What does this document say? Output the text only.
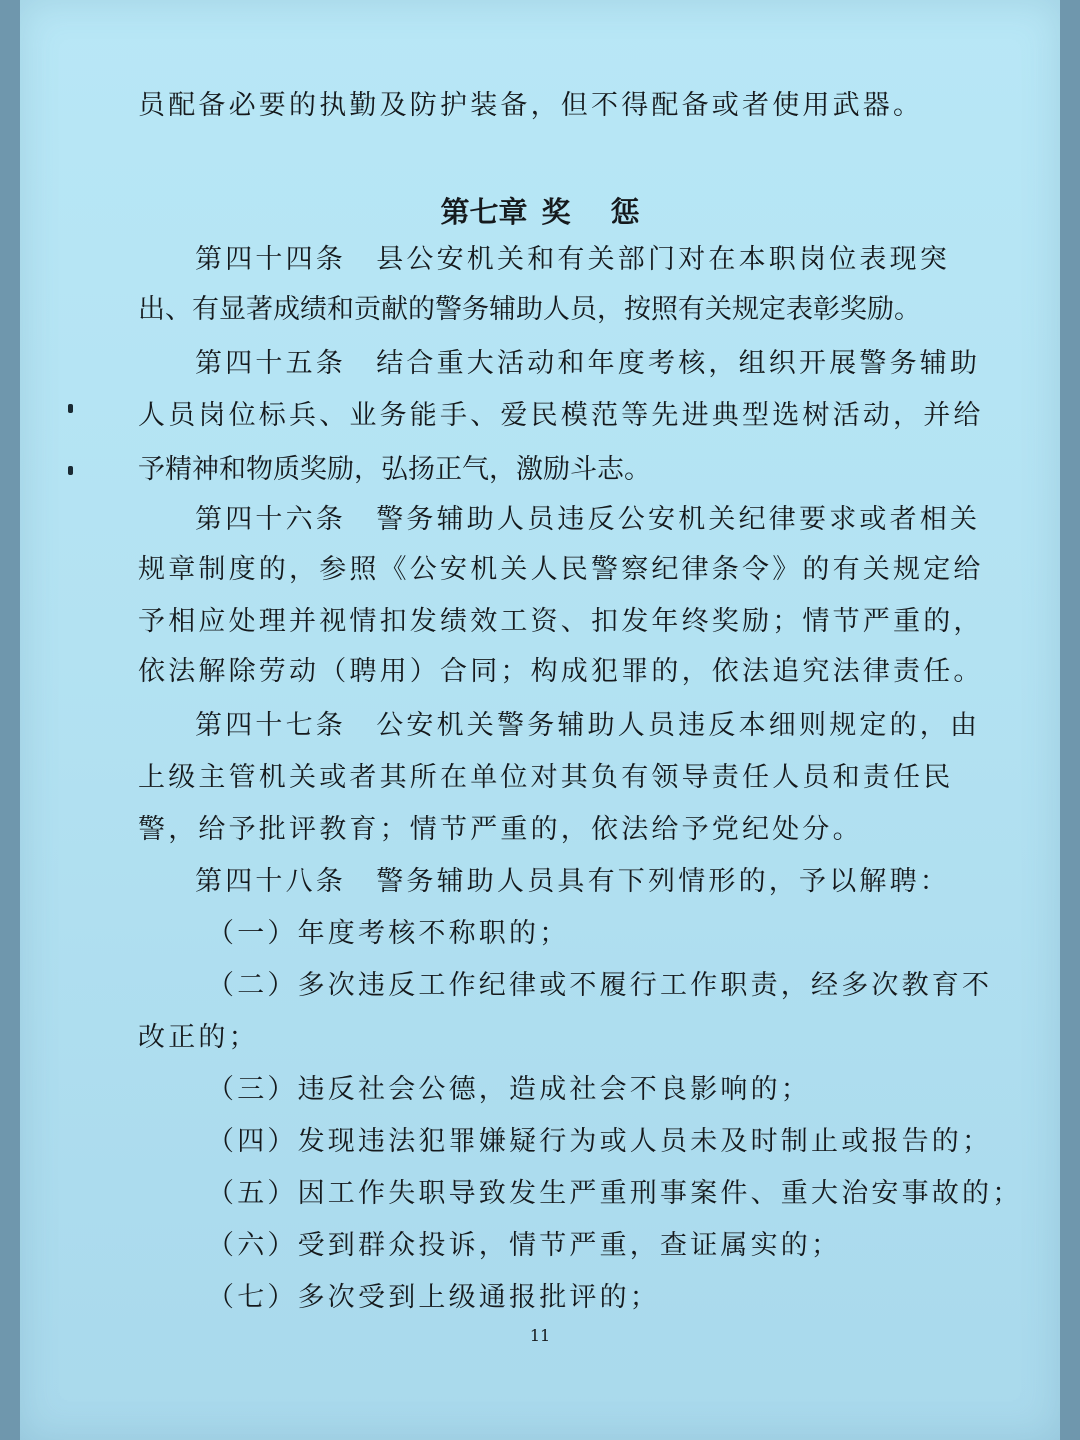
员配备必要的执勤及防护装备，但不得配备或者使用武器。
第七章 奖 惩
第四十四条　县公安机关和有关部门对在本职岗位表现突
出、有显著成绩和贡献的警务辅助人员，按照有关规定表彰奖励。
第四十五条　结合重大活动和年度考核，组织开展警务辅助
人员岗位标兵、业务能手、爱民模范等先进典型选树活动，并给
予精神和物质奖励，弘扬正气，激励斗志。
第四十六条　警务辅助人员违反公安机关纪律要求或者相关
规章制度的，参照《公安机关人民警察纪律条令》的有关规定给
予相应处理并视情扣发绩效工资、扣发年终奖励；情节严重的，
依法解除劳动（聘用）合同；构成犯罪的，依法追究法律责任。
第四十七条　公安机关警务辅助人员违反本细则规定的，由
上级主管机关或者其所在单位对其负有领导责任人员和责任民
警，给予批评教育；情节严重的，依法给予党纪处分。
第四十八条　警务辅助人员具有下列情形的，予以解聘：
（一）年度考核不称职的；
（二）多次违反工作纪律或不履行工作职责，经多次教育不
改正的；
（三）违反社会公德，造成社会不良影响的；
（四）发现违法犯罪嫌疑行为或人员未及时制止或报告的；
（五）因工作失职导致发生严重刑事案件、重大治安事故的；
（六）受到群众投诉，情节严重，查证属实的；
（七）多次受到上级通报批评的；
11
